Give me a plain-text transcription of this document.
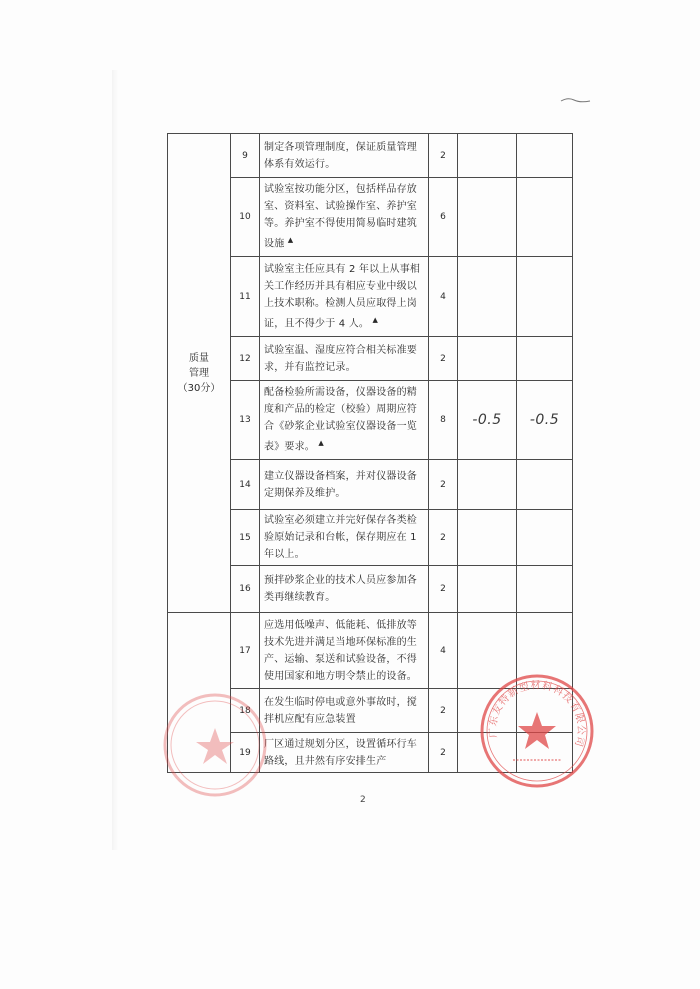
质量
管理
（30分）	9	制定各项管理制度，保证质量管理体系有效运行。	2		
	10	试验室按功能分区，包括样品存放室、资料室、试验操作室、养护室等。养护室不得使用简易临时建筑设施 ▲	6		
	11	试验室主任应具有 2 年以上从事相关工作经历并具有相应专业中级以上技术职称。检测人员应取得上岗证，且不得少于 4 人。 ▲	4		
	12	试验室温、湿度应符合相关标准要求，并有监控记录。	2		
	13	配备检验所需设备，仪器设备的精度和产品的检定（校验）周期应符合《砂浆企业试验室仪器设备一览表》要求。 ▲	8	-0.5	-0.5
	14	建立仪器设备档案，并对仪器设备定期保养及维护。	2		
	15	试验室必须建立并完好保存各类检验原始记录和台帐，保存期应在 1 年以上。	2		
	16	预拌砂浆企业的技术人员应参加各类再继续教育。	2		
	17	应选用低噪声、低能耗、低排放等技术先进并满足当地环保标准的生产、运输、泵送和试验设备，不得使用国家和地方明令禁止的设备。	4		
	18	在发生临时停电或意外事故时，搅拌机应配有应急装置	2		
	19	厂区通过规划分区，设置循环行车路线，且井然有序安排生产	2		
广东友特新型材料科技有限公司
2
